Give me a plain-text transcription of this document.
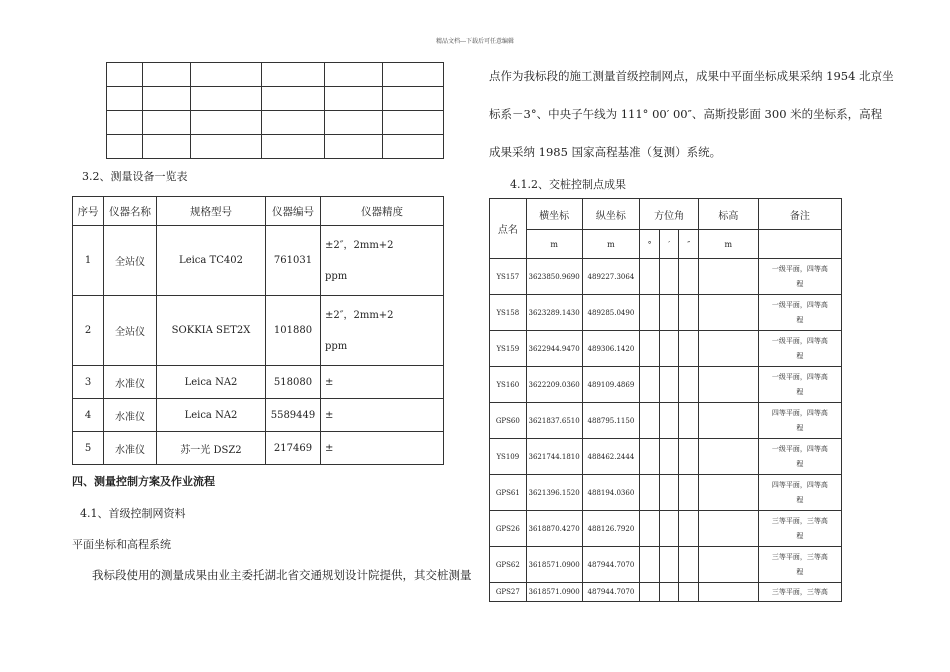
精品文档---下载后可任意编辑

3.2、测量设备一览表
序号	仪器名称	规格型号	仪器编号	仪器精度
1	全站仪	Leica TC402	761031	±2″，2mm+2
ppm

2	全站仪	SOKKIA SET2X	101880	±2″，2mm+2
ppm

3	水准仪	Leica NA2	518080	±
4	水准仪	Leica NA2	5589449	±
5	水准仪	苏一光 DSZ2	217469	±
四、测量控制方案及作业流程
4.1、首级控制网资料
平面坐标和高程系统
我标段使用的测量成果由业主委托湖北省交通规划设计院提供，其交桩测量
点作为我标段的施工测量首级控制网点，成果中平面坐标成果采纳 1954 北京坐
标系－3°、中央子午线为 111° 00′ 00″、高斯投影面 300 米的坐标系，高程
成果采纳 1985 国家高程基准（复测）系统。
4.1.2、交桩控制点成果
点名	横坐标	纵坐标	方位角			标高	备注
	m	m	°	′	″	m	
YS157	3623850.9690	489227.3064					一级平面，四等高
程

YS158	3623289.1430	489285.0490					一级平面，四等高
程

YS159	3622944.9470	489306.1420					一级平面，四等高
程

YS160	3622209.0360	489109.4869					一级平面，四等高
程

GPS60	3621837.6510	488795.1150					四等平面，四等高
程

YS109	3621744.1810	488462.2444					一级平面，四等高
程

GPS61	3621396.1520	488194.0360					四等平面，四等高
程

GPS26	3618870.4270	488126.7920					三等平面，三等高
程

GPS62	3618571.0900	487944.7070					三等平面，三等高
程

GPS27	3618571.0900	487944.7070					三等平面，三等高
